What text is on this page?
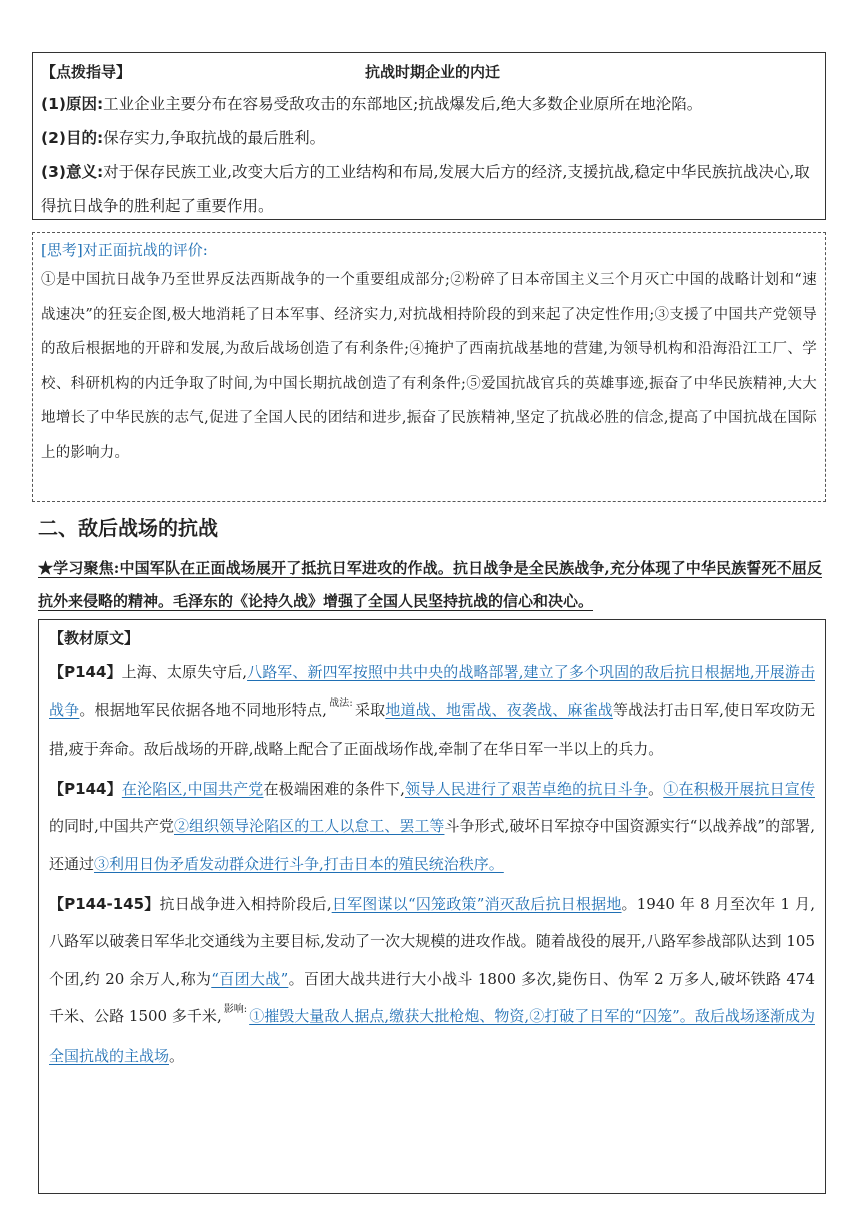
【点拨指导】	抗战时期企业的内迁

(1)原因:工业企业主要分布在容易受敌攻击的东部地区;抗战爆发后,绝大多数企业原所在地沦陷。

(2)目的:保存实力,争取抗战的最后胜利。

(3)意义:对于保存民族工业,改变大后方的工业结构和布局,发展大后方的经济,支援抗战,稳定中华民族抗战决心,取得抗日战争的胜利起了重要作用。

[思考]对正面抗战的评价:
①是中国抗日战争乃至世界反法西斯战争的一个重要组成部分;②粉碎了日本帝国主义三个月灭亡中国的战略计划和“速战速决”的狂妄企图,极大地消耗了日本军事、经济实力,对抗战相持阶段的到来起了决定性作用;③支援了中国共产党领导的敌后根据地的开辟和发展,为敌后战场创造了有利条件;④掩护了西南抗战基地的营建,为领导机构和沿海沿江工厂、学校、科研机构的内迁争取了时间,为中国长期抗战创造了有利条件;⑤爱国抗战官兵的英雄事迹,振奋了中华民族精神,大大地增长了中华民族的志气,促进了全国人民的团结和进步,振奋了民族精神,坚定了抗战必胜的信念,提高了中国抗战在国际上的影响力。
二、敌后战场的抗战
★学习聚焦:中国军队在正面战场展开了抵抗日军进攻的作战。抗日战争是全民族战争,充分体现了中华民族誓死不屈反抗外来侵略的精神。毛泽东的《论持久战》增强了全国人民坚持抗战的信心和决心。
【教材原文】
【P144】上海、太原失守后,八路军、新四军按照中共中央的战略部署,建立了多个巩固的敌后抗日根据地,开展游击战争。根据地军民依据各地不同地形特点, $^{战法:}$ 采取地道战、地雷战、夜袭战、麻雀战等战法打击日军,使日军攻防无措,疲于奔命。敌后战场的开辟,战略上配合了正面战场作战,牵制了在华日军一半以上的兵力。
【P144】在沦陷区,中国共产党在极端困难的条件下,领导人民进行了艰苦卓绝的抗日斗争。①在积极开展抗日宣传的同时,中国共产党②组织领导沦陷区的工人以怠工、罢工等斗争形式,破坏日军掠夺中国资源实行“以战养战”的部署,还通过③利用日伪矛盾发动群众进行斗争,打击日本的殖民统治秩序。
【P144-145】抗日战争进入相持阶段后,日军图谋以“囚笼政策”消灭敌后抗日根据地。1940 年 8 月至次年 1 月,八路军以破袭日军华北交通线为主要目标,发动了一次大规模的进攻作战。随着战役的展开,八路军参战部队达到 105 个团,约 20 余万人,称为“百团大战”。百团大战共进行大小战斗 1800 多次,毙伤日、伪军 2 万多人,破坏铁路 474 千米、公路 1500 多千米, $^{影响:}$ ①摧毁大量敌人据点,缴获大批枪炮、物资,②打破了日军的“囚笼”。敌后战场逐渐成为全国抗战的主战场。
